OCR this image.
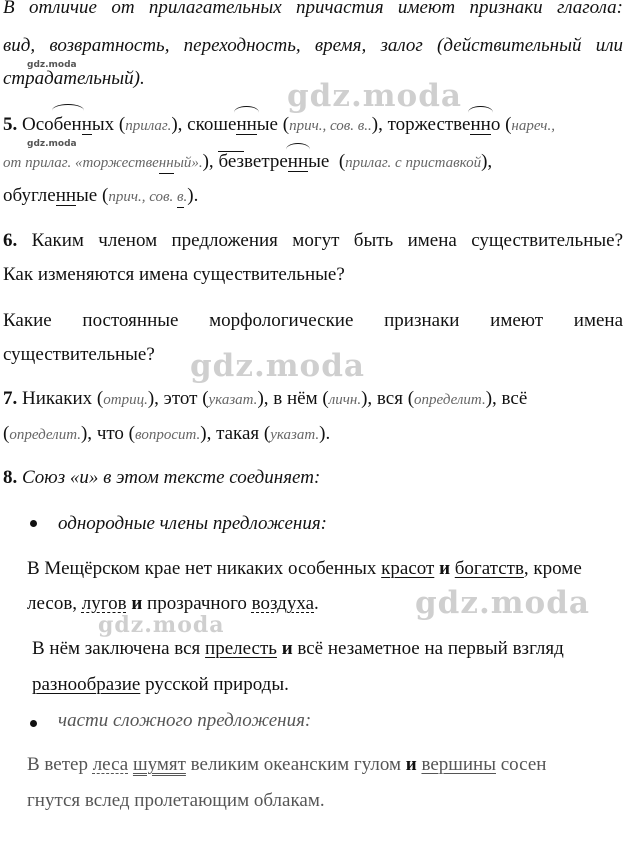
gdz.moda
gdz.moda
gdz.moda
gdz.moda
gdz.moda
gdz.moda
В отличие от прилагательных причастия имеют признаки глагола:
вид, возвратность, переходность, время, залог (действительный или
страдательный).
5. Особенных (прилаг.), скошенные (прич., сов. в..), торжественно (нареч.,
от прилаг. «торжественный».), безветренные  (прилаг. с приставкой),
обугленные (прич., сов. в.).
6. Каким членом предложения могут быть имена существительные?
Как изменяются имена существительные?
Какие постоянные морфологические признаки имеют имена
существительные?
7. Никаких (отриц.), этот (указат.), в нём (личн.), вся (определит.), всё
(определит.), что (вопросит.), такая (указат.).
8. Союз «и» в этом тексте соединяет:
однородные члены предложения:
В Мещёрском крае нет никаких особенных красот и богатств, кроме
лесов, лугов и прозрачного воздуха.
В нём заключена вся прелесть и всё незаметное на первый взгляд
разнообразие русской природы.
части сложного предложения:
В ветер леса шумят великим океанским гулом и вершины сосен
гнутся вслед пролетающим облакам.
